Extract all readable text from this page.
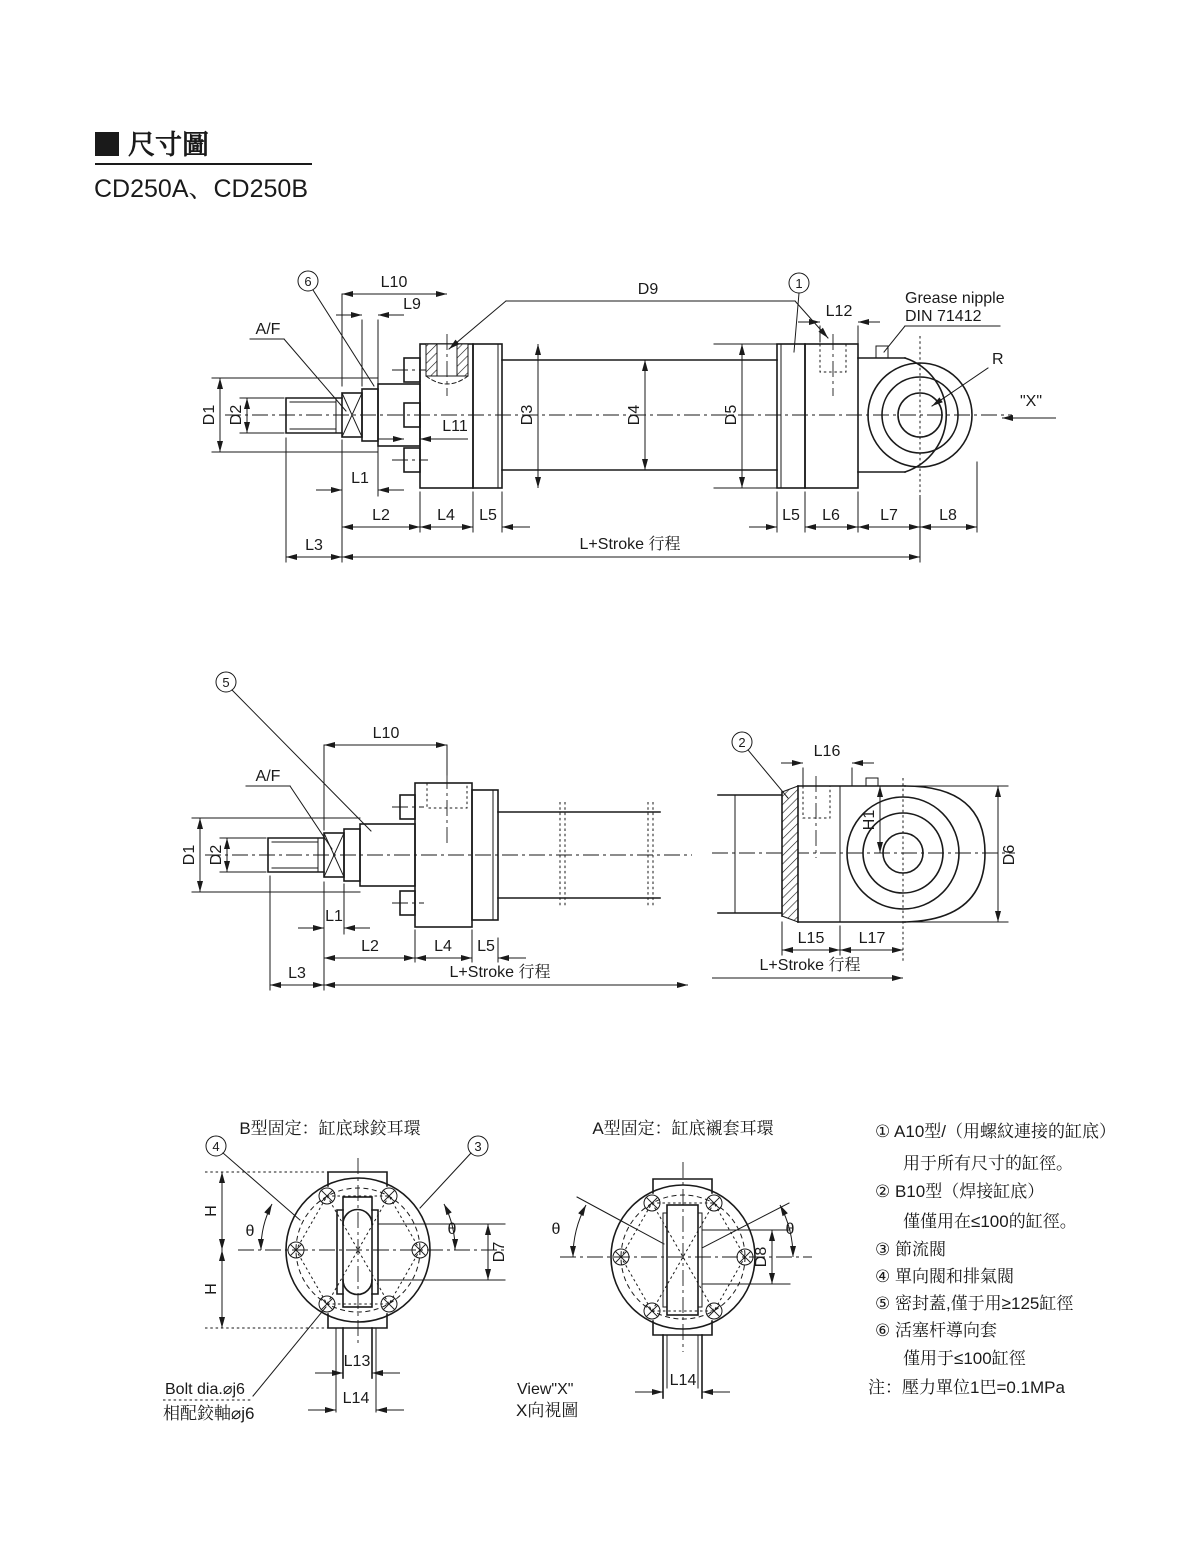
尺寸圖
CD250A、CD250B
D1 D2
A/F
6	L10
L9
D9	1
L12
Grease nipple
DIN 71412
R
"X"
D3	D4	D5
L11
L1
L2	L4 L5	L5 L6	L7	L8
L3	L+Stroke 行程
D1 D2
5
A/F
L10
L1
L2	L4 L5
L3	L+Stroke 行程
2
L16
H1
D6
L15 L17
L+Stroke 行程
B型固定：缸底球鉸耳環
H
H
θ	θ
4	3
D7
L13
L14
Bolt dia.⌀j6
相配鉸軸⌀j6
A型固定：缸底襯套耳環
θ	θ
D8
L14
View"X"
X向視圖
① A10型/（用螺紋連接的缸底）
用于所有尺寸的缸徑。
② B10型（焊接缸底）
僅僅用在≤100的缸徑。
③ 節流閥
④ 單向閥和排氣閥
⑤ 密封蓋,僅于用≥125缸徑
⑥ 活塞杆導向套
僅用于≤100缸徑
注：壓力單位1巴=0.1MPa
